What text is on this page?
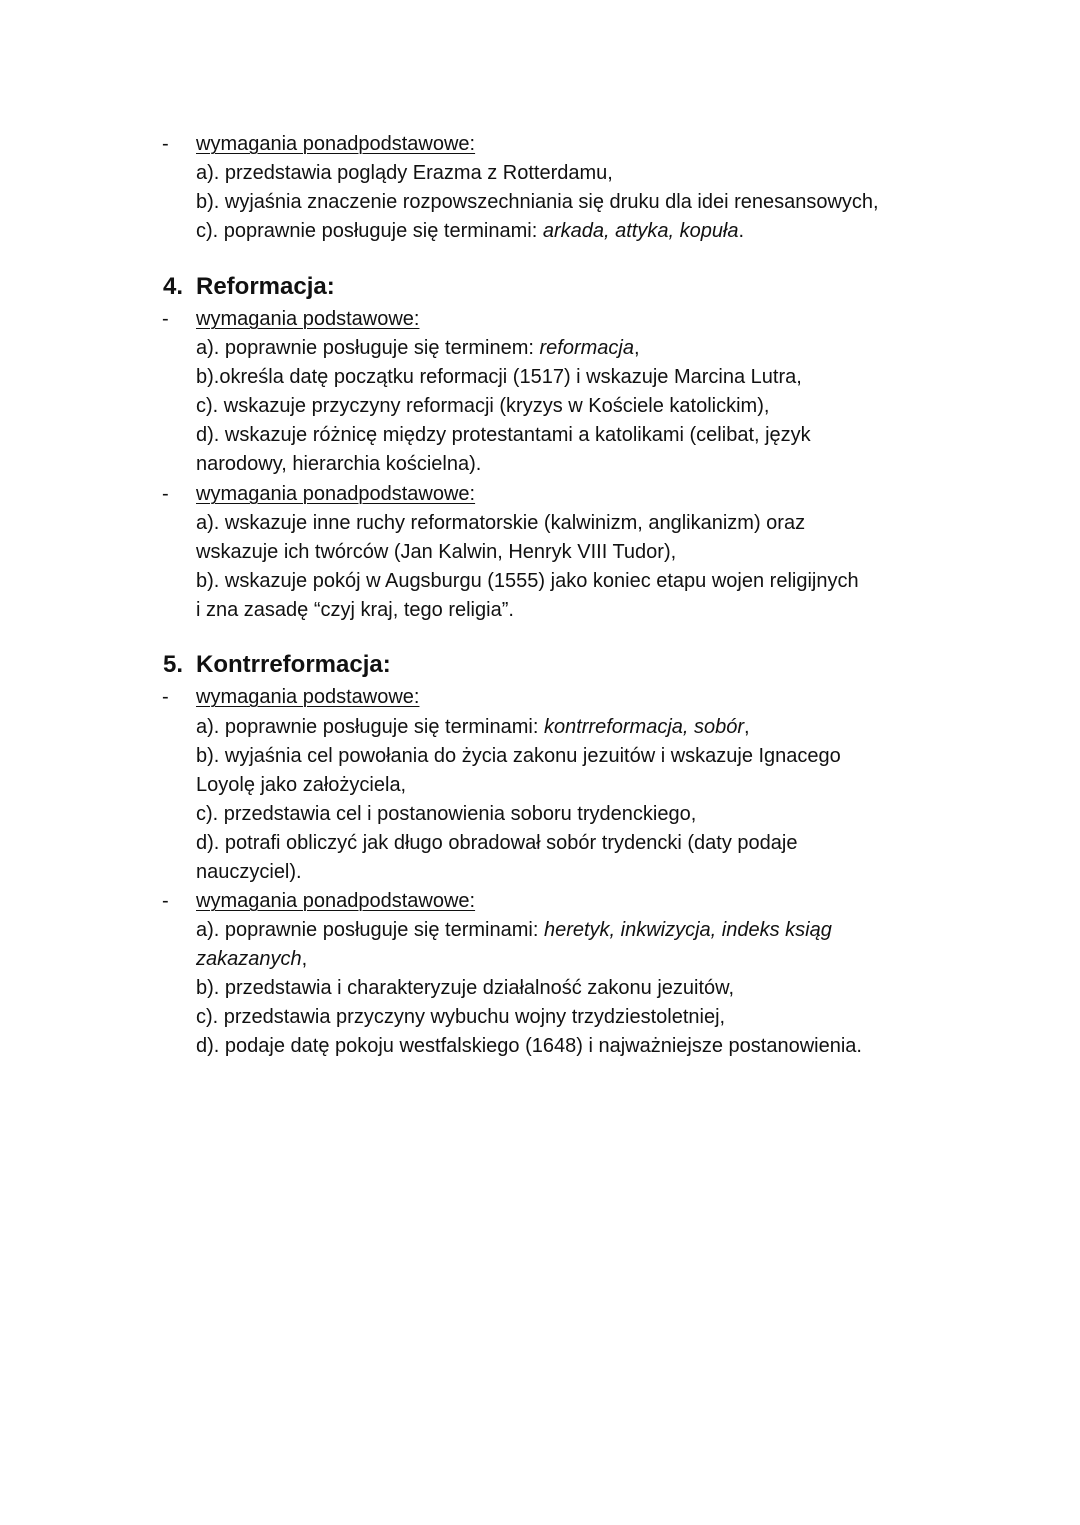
- wymagania ponadpodstawowe:
a). przedstawia poglądy Erazma z Rotterdamu,
b). wyjaśnia znaczenie rozpowszechniania się druku dla idei renesansowych,
c). poprawnie posługuje się terminami: arkada, attyka, kopuła.
4. Reformacja:
- wymagania podstawowe:
a). poprawnie posługuje się terminem: reformacja,
b).określa datę początku reformacji (1517) i wskazuje Marcina Lutra,
c). wskazuje przyczyny reformacji (kryzys w Kościele katolickim),
d). wskazuje różnicę między protestantami a katolikami (celibat, język
narodowy, hierarchia kościelna).
- wymagania ponadpodstawowe:
a). wskazuje inne ruchy reformatorskie (kalwinizm, anglikanizm) oraz
wskazuje ich twórców (Jan Kalwin, Henryk VIII Tudor),
b). wskazuje pokój w Augsburgu (1555) jako koniec etapu wojen religijnych
i zna zasadę “czyj kraj, tego religia”.
5. Kontrreformacja:
- wymagania podstawowe:
a). poprawnie posługuje się terminami: kontrreformacja, sobór,
b). wyjaśnia cel powołania do życia zakonu jezuitów i wskazuje Ignacego
Loyolę jako założyciela,
c). przedstawia cel i postanowienia soboru trydenckiego,
d). potrafi obliczyć jak długo obradował sobór trydencki (daty podaje
nauczyciel).
- wymagania ponadpodstawowe:
a). poprawnie posługuje się terminami: heretyk, inkwizycja, indeks ksiąg
zakazanych,
b). przedstawia i charakteryzuje działalność zakonu jezuitów,
c). przedstawia przyczyny wybuchu wojny trzydziestoletniej,
d). podaje datę pokoju westfalskiego (1648) i najważniejsze postanowienia.
